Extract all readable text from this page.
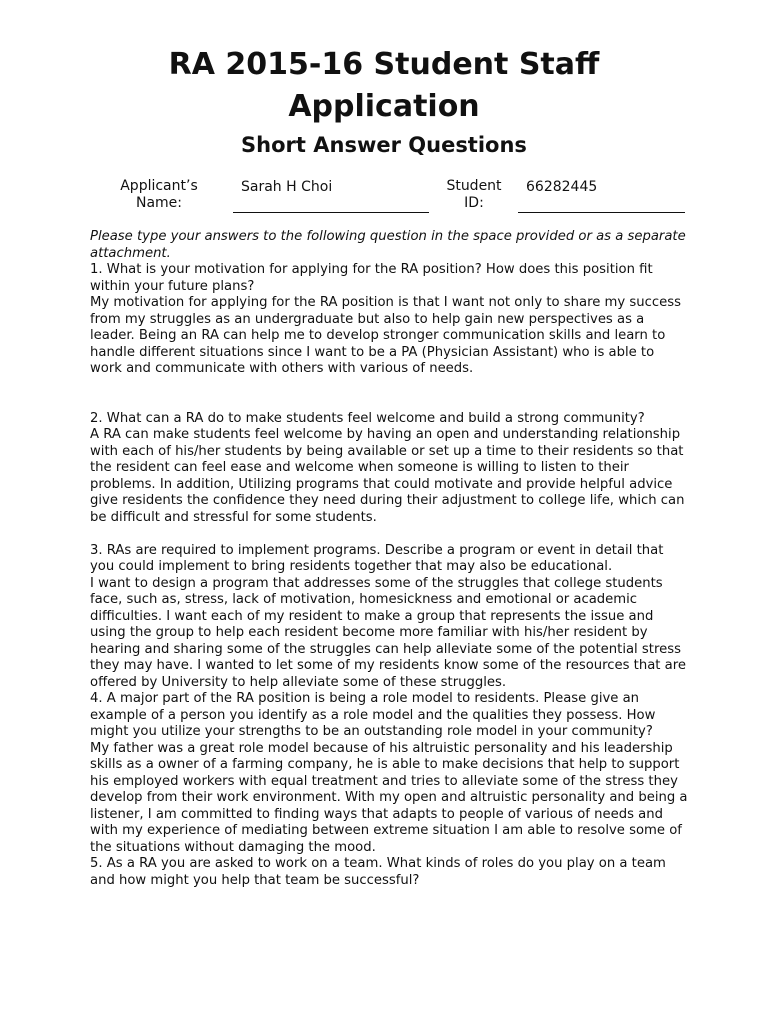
RA 2015-16 Student Staff Application
Short Answer Questions
Applicant’s Name:
Sarah H Choi	Student ID:
66282445

Please type your answers to the following question in the space provided or as a separate attachment.

1. What is your motivation for applying for the RA position? How does this position fit within your future plans?

My motivation for applying for the RA position is that I want not only to share my success from my struggles as an undergraduate but also to help gain new perspectives as a leader. Being an RA can help me to develop stronger communication skills and learn to handle different situations since I want to be a PA (Physician Assistant) who is able to work and communicate with others with various of needs.

2. What can a RA do to make students feel welcome and build a strong community?

A RA can make students feel welcome by having an open and understanding relationship with each of his/her students by being available or set up a time to their residents so that the resident can feel ease and welcome when someone is willing to listen to their problems. In addition, Utilizing programs that could motivate and provide helpful advice give residents the confidence they need during their adjustment to college life, which can be difficult and stressful for some students.

3. RAs are required to implement programs. Describe a program or event in detail that you could implement to bring residents together that may also be educational.

I want to design a program that addresses some of the struggles that college students face, such as, stress, lack of motivation, homesickness and emotional or academic difficulties. I want each of my resident to make a group that represents the issue and using the group to help each resident become more familiar with his/her resident by hearing and sharing some of the struggles can help alleviate some of the potential stress they may have. I wanted to let some of my residents know some of the resources that are offered by University to help alleviate some of these struggles.

4. A major part of the RA position is being a role model to residents. Please give an example of a person you identify as a role model and the qualities they possess. How might you utilize your strengths to be an outstanding role model in your community?

My father was a great role model because of his altruistic personality and his leadership skills as a owner of a farming company, he is able to make decisions that help to support his employed workers with equal treatment and tries to alleviate some of the stress they develop from their work environment. With my open and altruistic personality and being a listener, I am committed to finding ways that adapts to people of various of needs and with my experience of mediating between extreme situation I am able to resolve some of the situations without damaging the mood.

5. As a RA you are asked to work on a team. What kinds of roles do you play on a team and how might you help that team be successful?
